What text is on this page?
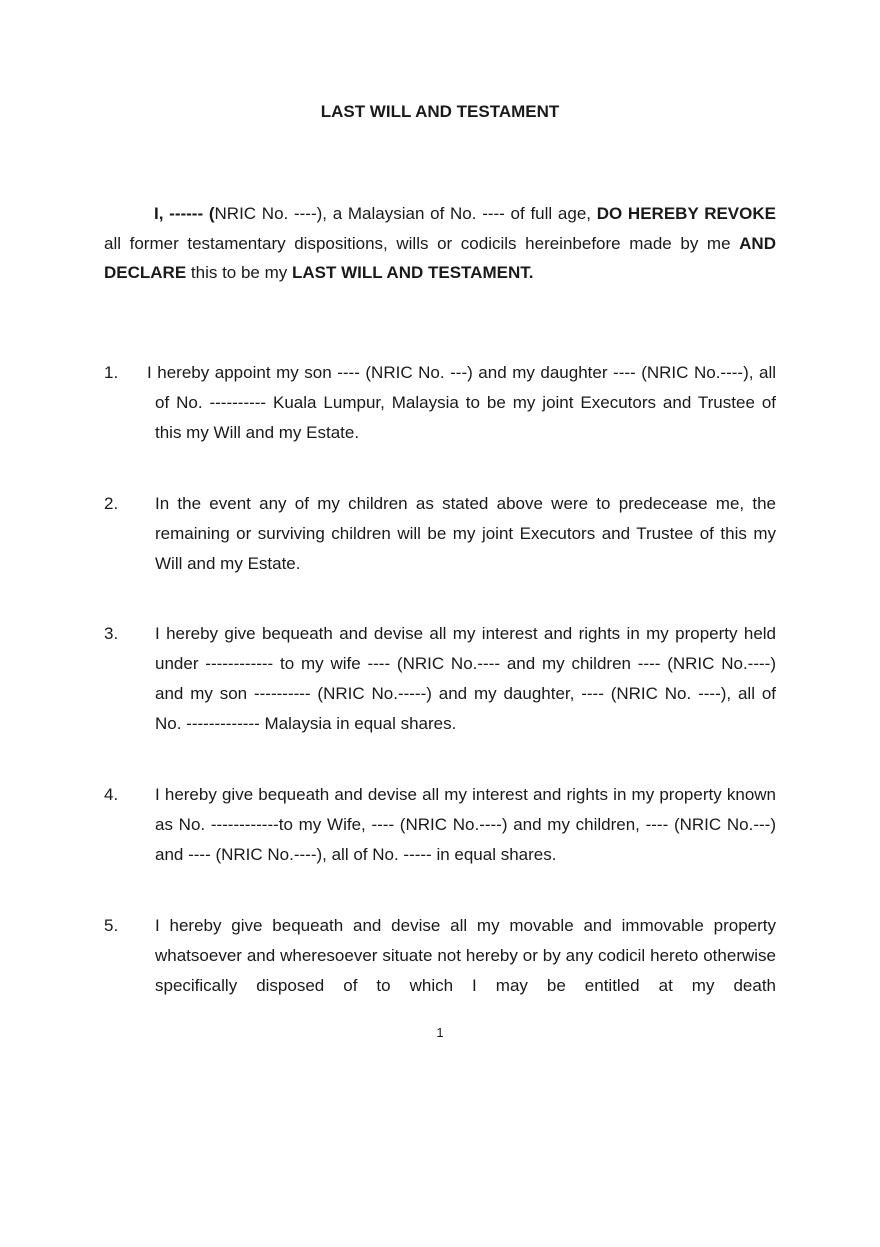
LAST WILL AND TESTAMENT
I, ------ (NRIC No. ----), a Malaysian of No. ---- of full age, DO HEREBY REVOKE all former testamentary dispositions, wills or codicils hereinbefore made by me AND DECLARE this to be my LAST WILL AND TESTAMENT.
1. I hereby appoint my son ---- (NRIC No. ---) and my daughter ---- (NRIC No.----), all of No. ---------- Kuala Lumpur, Malaysia to be my joint Executors and Trustee of this my Will and my Estate.
2. In the event any of my children as stated above were to predecease me, the remaining or surviving children will be my joint Executors and Trustee of this my Will and my Estate.
3. I hereby give bequeath and devise all my interest and rights in my property held under ------------ to my wife ---- (NRIC No.---- and my children ---- (NRIC No.----) and my son ---------- (NRIC No.-----) and my daughter, ---- (NRIC No. ----), all of No. ------------- Malaysia in equal shares.
4. I hereby give bequeath and devise all my interest and rights in my property known as No. ------------to my Wife, ---- (NRIC No.----) and my children, ---- (NRIC No.---) and ---- (NRIC No.----), all of No. ----- in equal shares.
5. I hereby give bequeath and devise all my movable and immovable property whatsoever and wheresoever situate not hereby or by any codicil hereto otherwise specifically disposed of to which I may be entitled at my death
1
